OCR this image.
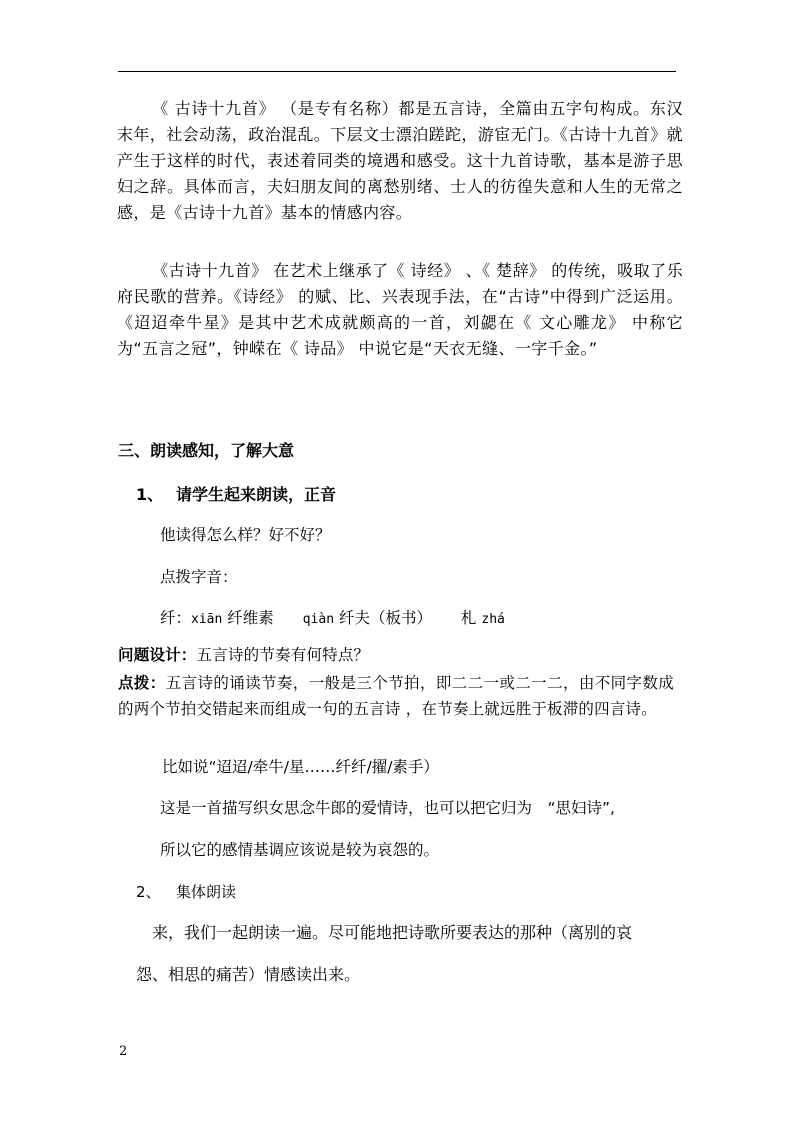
《 古诗十九首》 （是专有名称）都是五言诗，全篇由五字句构成。东汉末年，社会动荡，政治混乱。下层文士漂泊蹉跎，游宦无门。《古诗十九首》就产生于这样的时代，表述着同类的境遇和感受。这十九首诗歌，基本是游子思妇之辞。具体而言，夫妇朋友间的离愁别绪、士人的彷徨失意和人生的无常之感，是《古诗十九首》基本的情感内容。

《古诗十九首》 在艺术上继承了《 诗经》 、《 楚辞》 的传统，吸取了乐府民歌的营养。《诗经》 的赋、比、兴表现手法，在“古诗”中得到广泛运用。《迢迢牵牛星》是其中艺术成就颇高的一首，刘勰在《 文心雕龙》 中称它为“五言之冠”，钟嵘在《 诗品》 中说它是“天衣无缝、一字千金。”

三、朗读感知，了解大意
1、 请学生起来朗读，正音
他读得怎么样？好不好？
点拨字音：
纤：xiān 纤维素 qiàn 纤夫（板书） 札 zhá
问题设计：五言诗的节奏有何特点？
点拨：五言诗的诵读节奏，一般是三个节拍，即二二一或二一二，由不同字数成的两个节拍交错起来而组成一句的五言诗 ，在节奏上就远胜于板滞的四言诗。
比如说“迢迢/牵牛/星……纤纤/擢/素手）
这是一首描写织女思念牛郎的爱情诗，也可以把它归为　“思妇诗”,
所以它的感情基调应该说是较为哀怨的。
2、 集体朗读
来，我们一起朗读一遍。尽可能地把诗歌所要表达的那种（离别的哀
怨、相思的痛苦）情感读出来。
2
